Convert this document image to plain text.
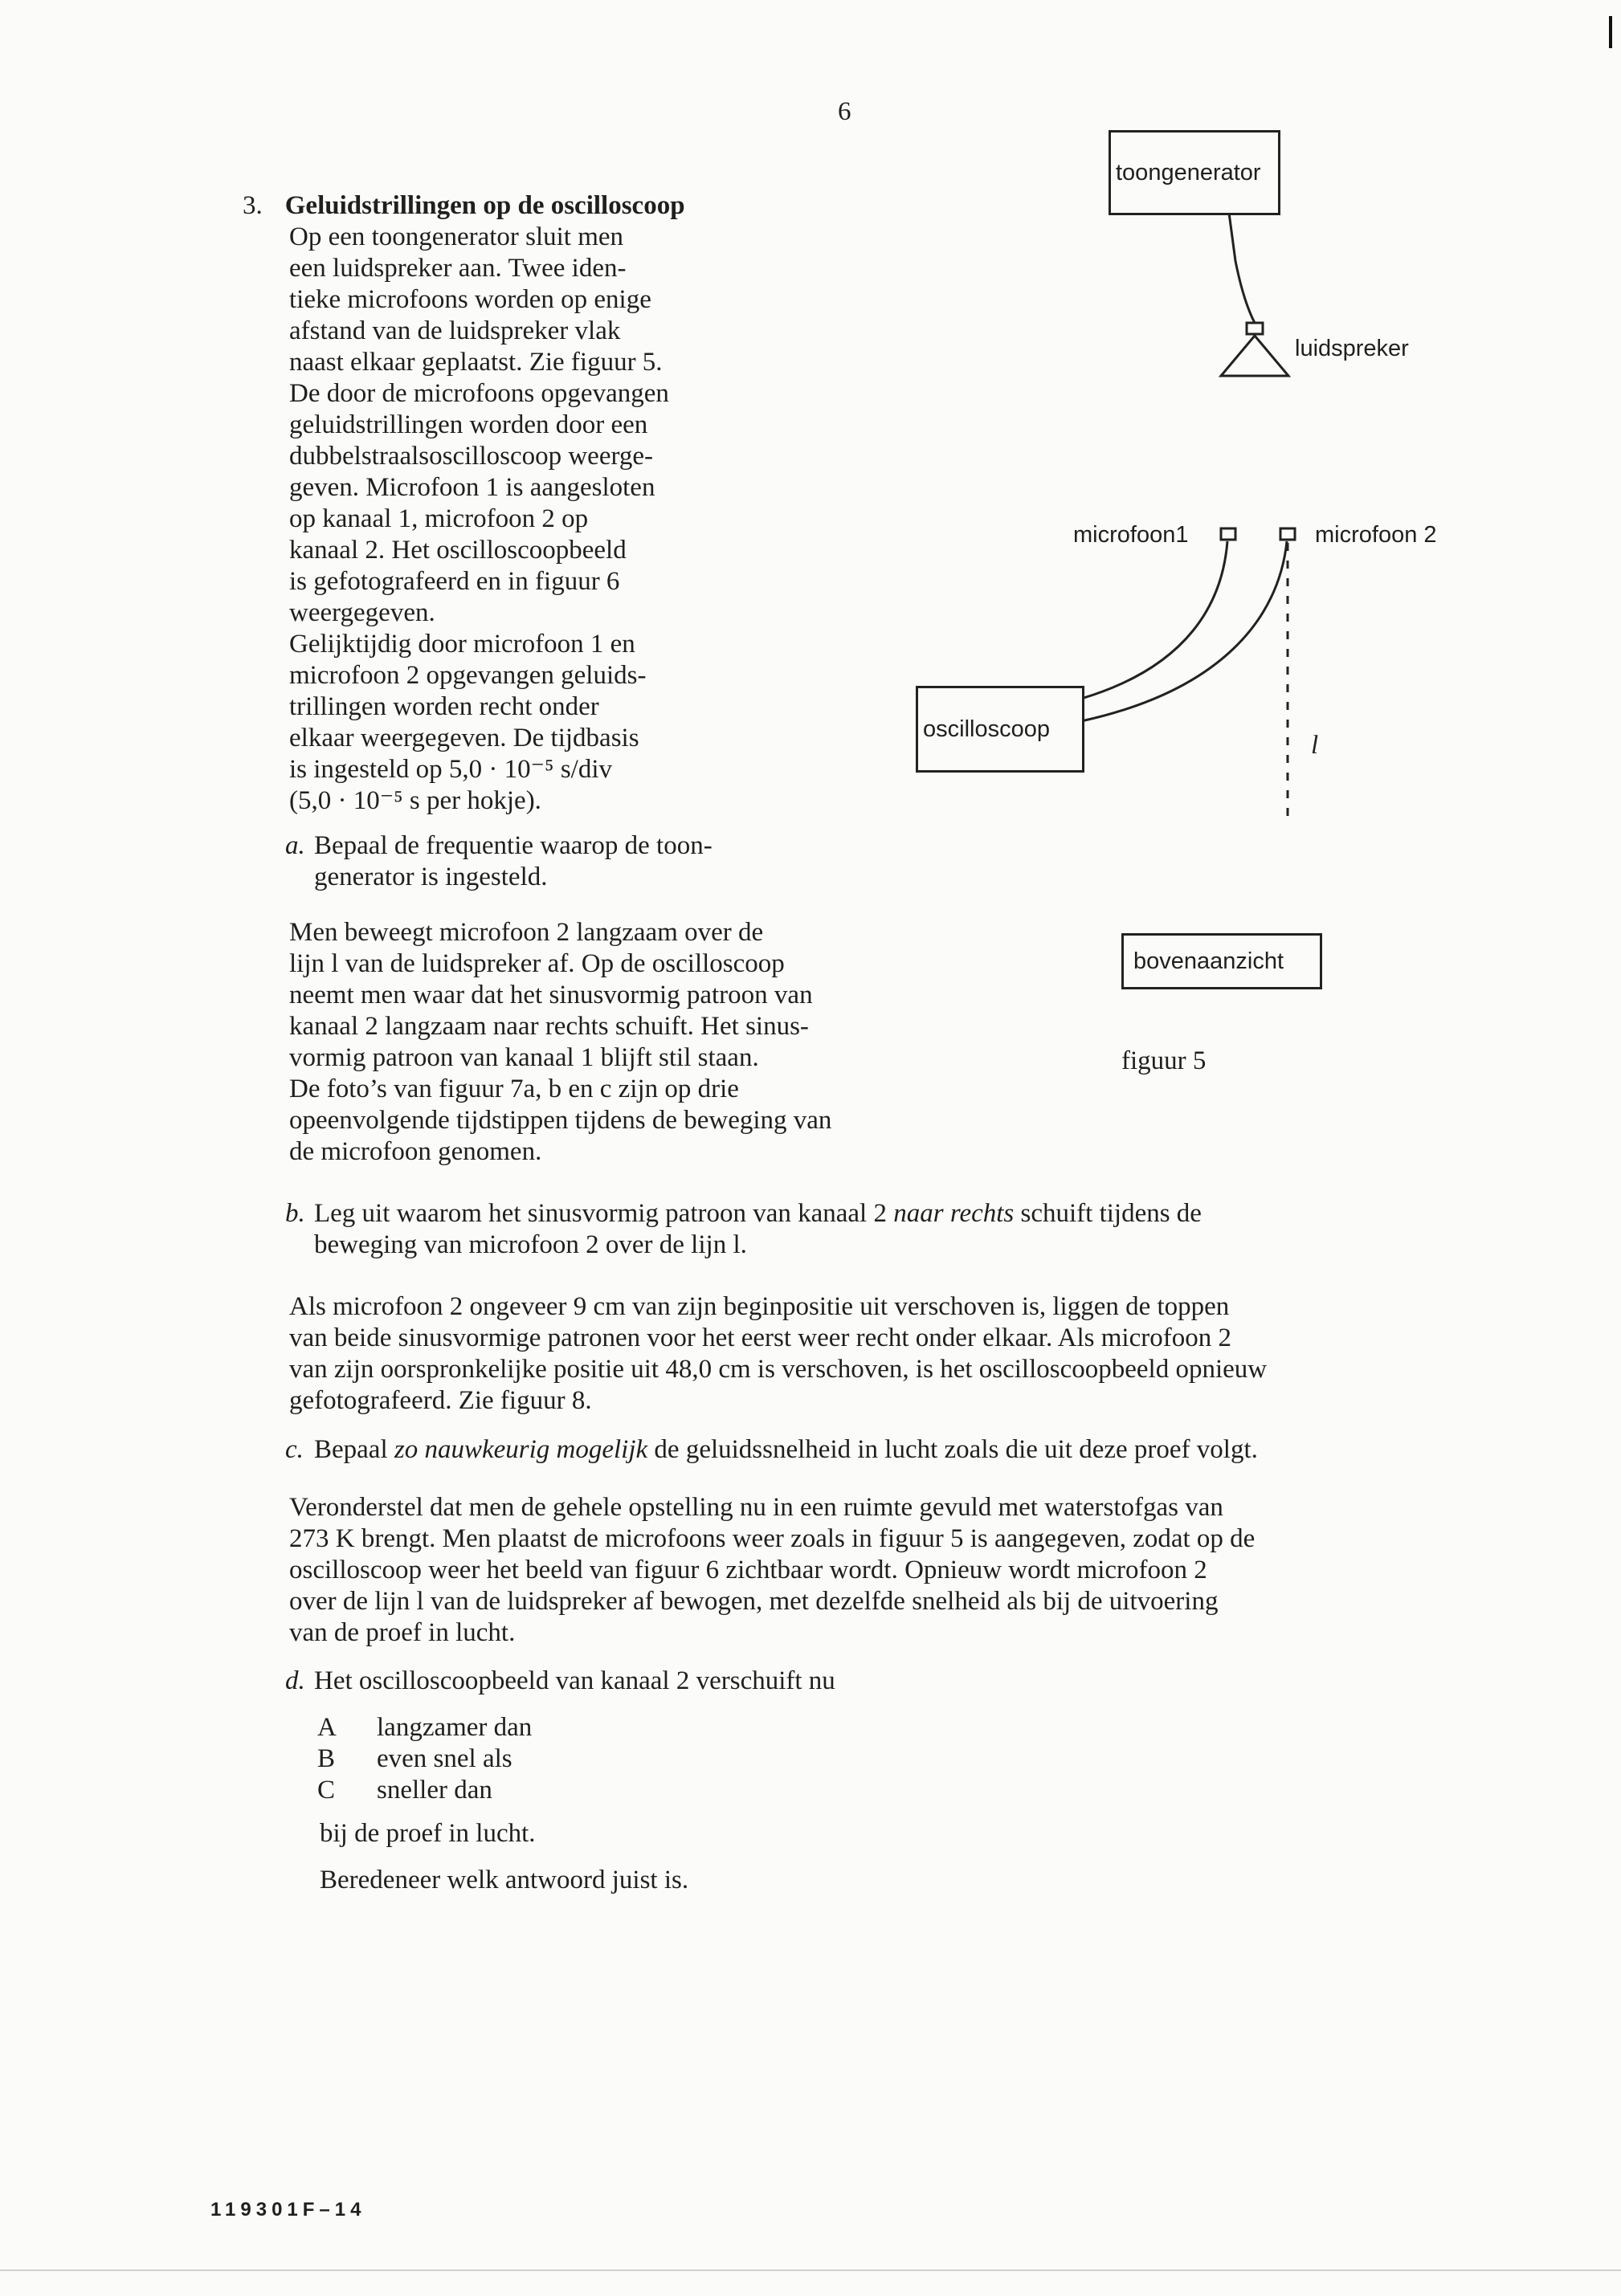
6

3. Geluidstrillingen op de oscilloscoop

Op een toongenerator sluit men
een luidspreker aan. Twee iden-
tieke microfoons worden op enige
afstand van de luidspreker vlak
naast elkaar geplaatst. Zie figuur 5.
De door de microfoons opgevangen
geluidstrillingen worden door een
dubbelstraalsoscilloscoop weerge-
geven. Microfoon 1 is aangesloten
op kanaal 1, microfoon 2 op
kanaal 2. Het oscilloscoopbeeld
is gefotografeerd en in figuur 6
weergegeven.
Gelijktijdig door microfoon 1 en
microfoon 2 opgevangen geluids-
trillingen worden recht onder
elkaar weergegeven. De tijdbasis
is ingesteld op 5,0 · 10⁻⁵ s/div
(5,0 · 10⁻⁵ s per hokje).
a. Bepaal de frequentie waarop de toon-
generator is ingesteld.
Men beweegt microfoon 2 langzaam over de
lijn l van de luidspreker af. Op de oscilloscoop
neemt men waar dat het sinusvormig patroon van
kanaal 2 langzaam naar rechts schuift. Het sinus-
vormig patroon van kanaal 1 blijft stil staan.
De foto’s van figuur 7a, b en c zijn op drie
opeenvolgende tijdstippen tijdens de beweging van
de microfoon genomen.
b. Leg uit waarom het sinusvormig patroon van kanaal 2 naar rechts schuift tijdens de
beweging van microfoon 2 over de lijn l.
Als microfoon 2 ongeveer 9 cm van zijn beginpositie uit verschoven is, liggen de toppen
van beide sinusvormige patronen voor het eerst weer recht onder elkaar. Als microfoon 2
van zijn oorspronkelijke positie uit 48,0 cm is verschoven, is het oscilloscoopbeeld opnieuw
gefotografeerd. Zie figuur 8.
c. Bepaal zo nauwkeurig mogelijk de geluidssnelheid in lucht zoals die uit deze proef volgt.
Veronderstel dat men de gehele opstelling nu in een ruimte gevuld met waterstofgas van
273 K brengt. Men plaatst de microfoons weer zoals in figuur 5 is aangegeven, zodat op de
oscilloscoop weer het beeld van figuur 6 zichtbaar wordt. Opnieuw wordt microfoon 2
over de lijn l van de luidspreker af bewogen, met dezelfde snelheid als bij de uitvoering
van de proef in lucht.
d. Het oscilloscoopbeeld van kanaal 2 verschuift nu
A	langzamer dan
B	even snel als
C	sneller dan
bij de proef in lucht.
Beredeneer welk antwoord juist is.
toongenerator
luidspreker
microfoon1	microfoon 2
oscilloscoop
l
bovenaanzicht
figuur 5
119301F–14
